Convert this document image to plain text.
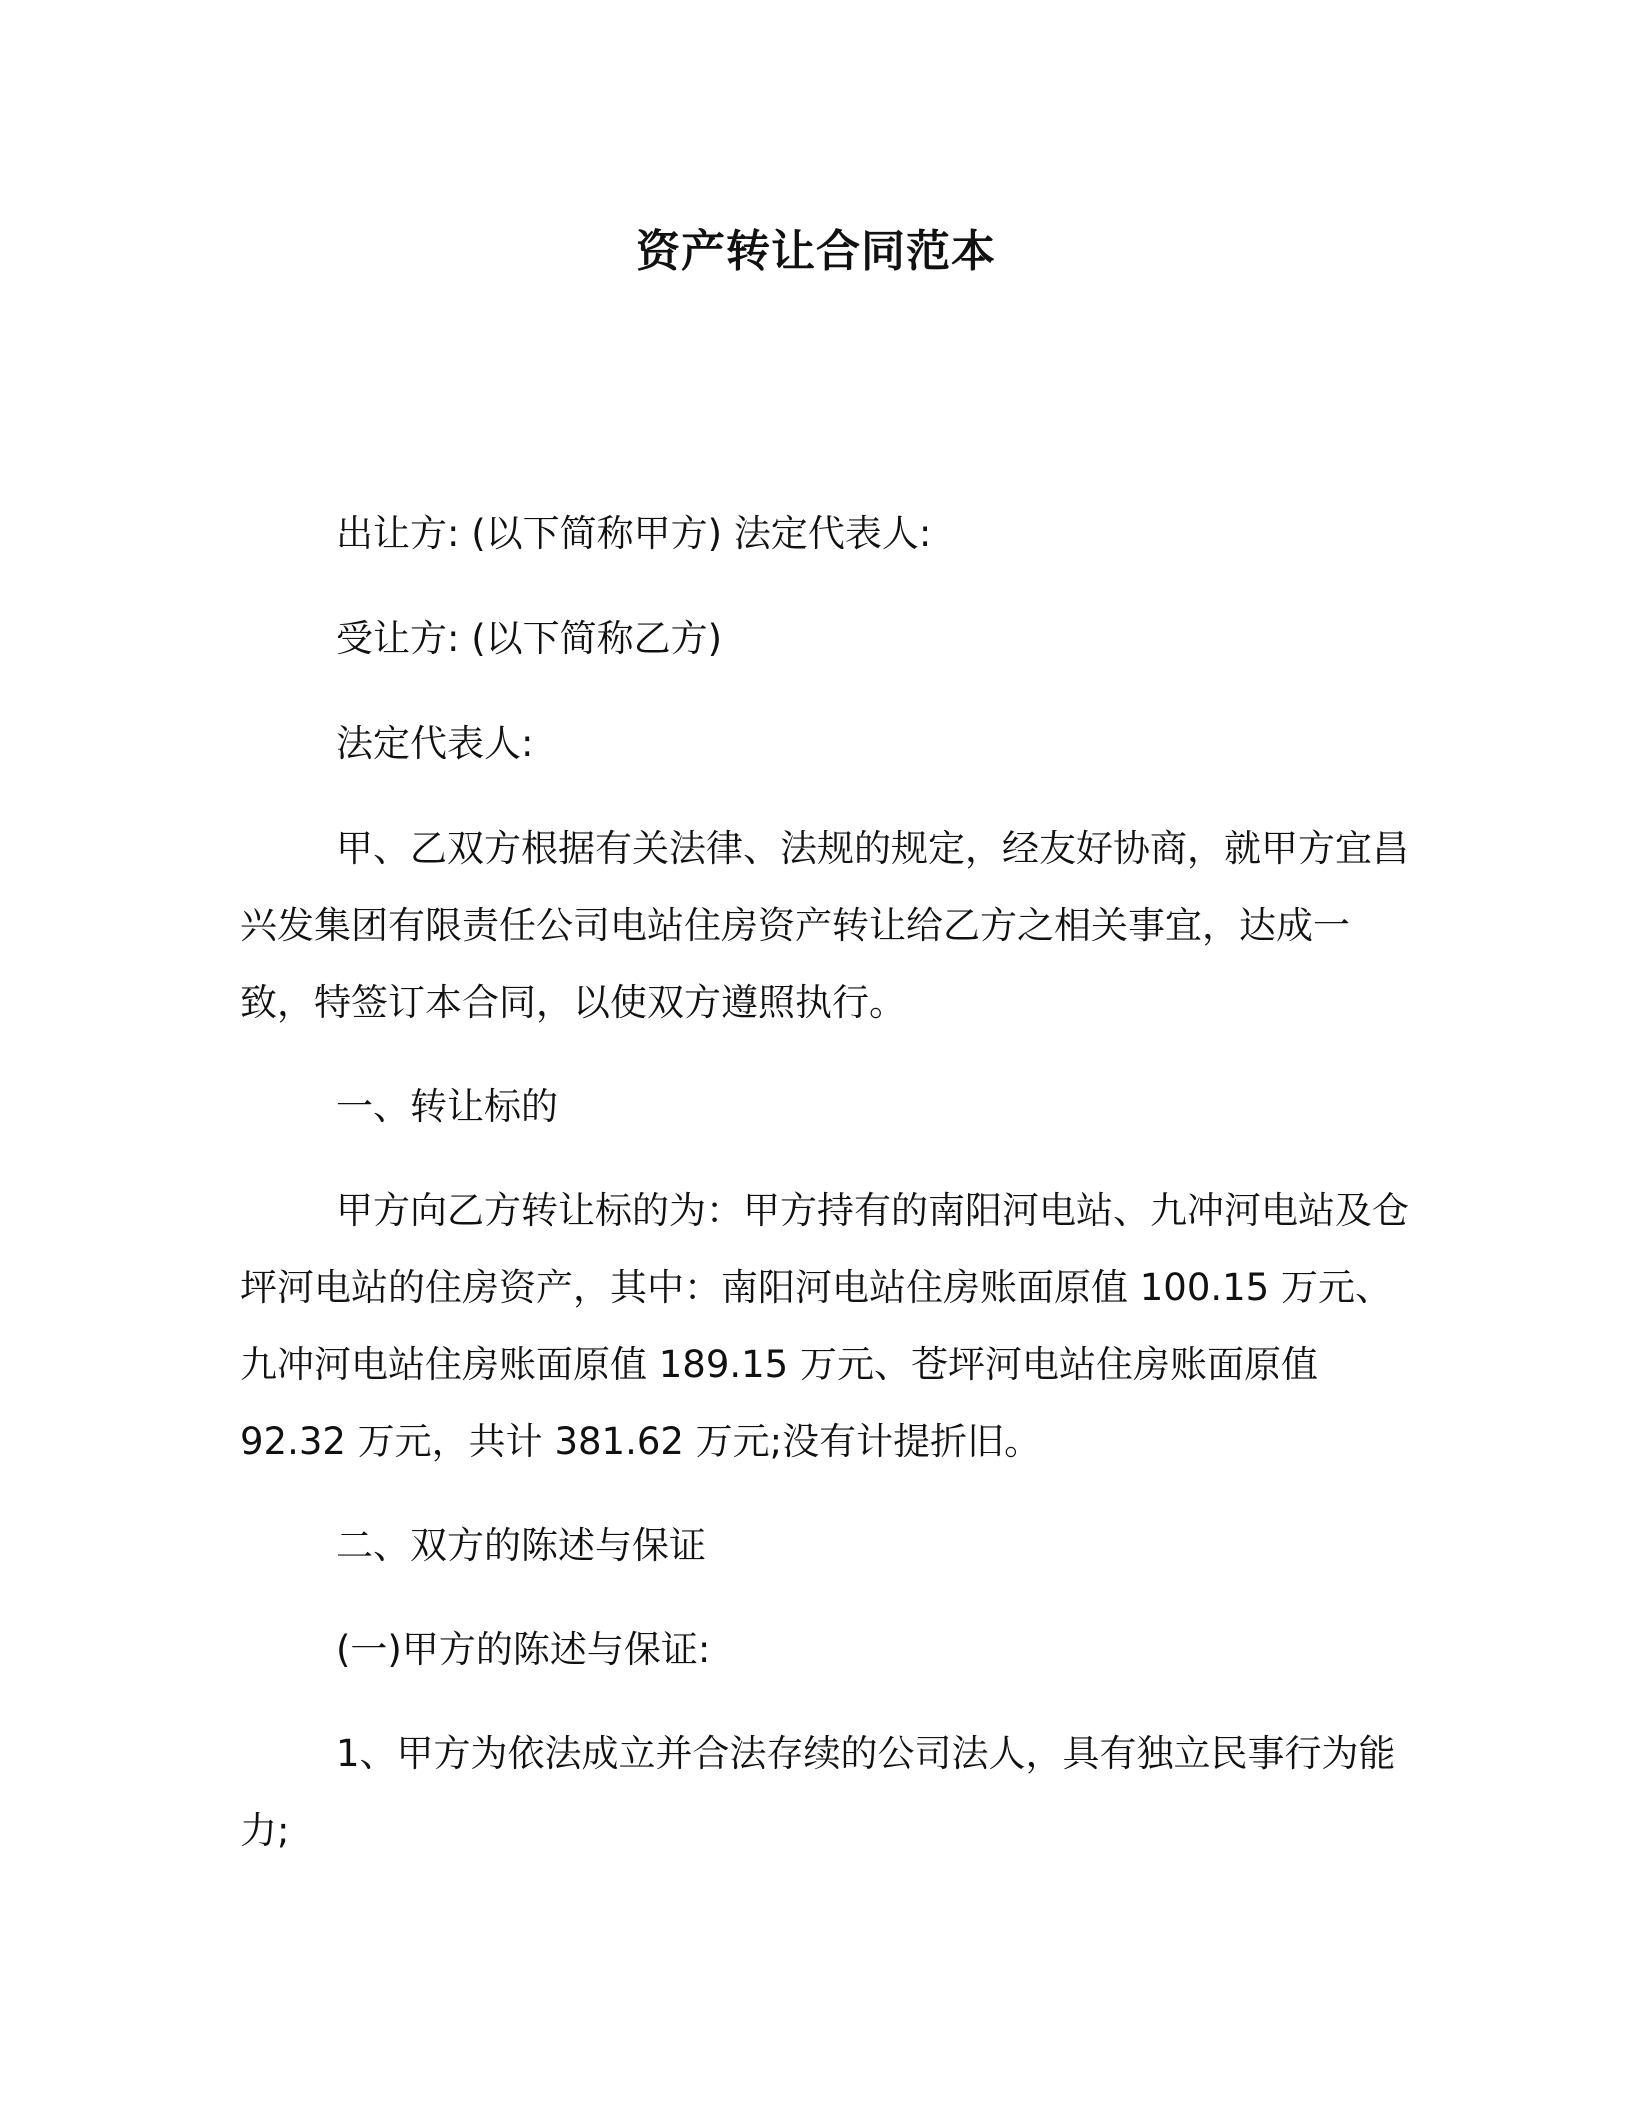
资产转让合同范本

出让方: (以下简称甲方) 法定代表人:

受让方: (以下简称乙方)

法定代表人:

甲、乙双方根据有关法律、法规的规定，经友好协商，就甲方宜昌兴发集团有限责任公司电站住房资产转让给乙方之相关事宜，达成一致，特签订本合同，以使双方遵照执行。

一、转让标的

甲方向乙方转让标的为：甲方持有的南阳河电站、九冲河电站及仓坪河电站的住房资产，其中：南阳河电站住房账面原值 100.15 万元、九冲河电站住房账面原值 189.15 万元、苍坪河电站住房账面原值 92.32 万元，共计 381.62 万元;没有计提折旧。

二、双方的陈述与保证

(一)甲方的陈述与保证:

1、甲方为依法成立并合法存续的公司法人，具有独立民事行为能力;
